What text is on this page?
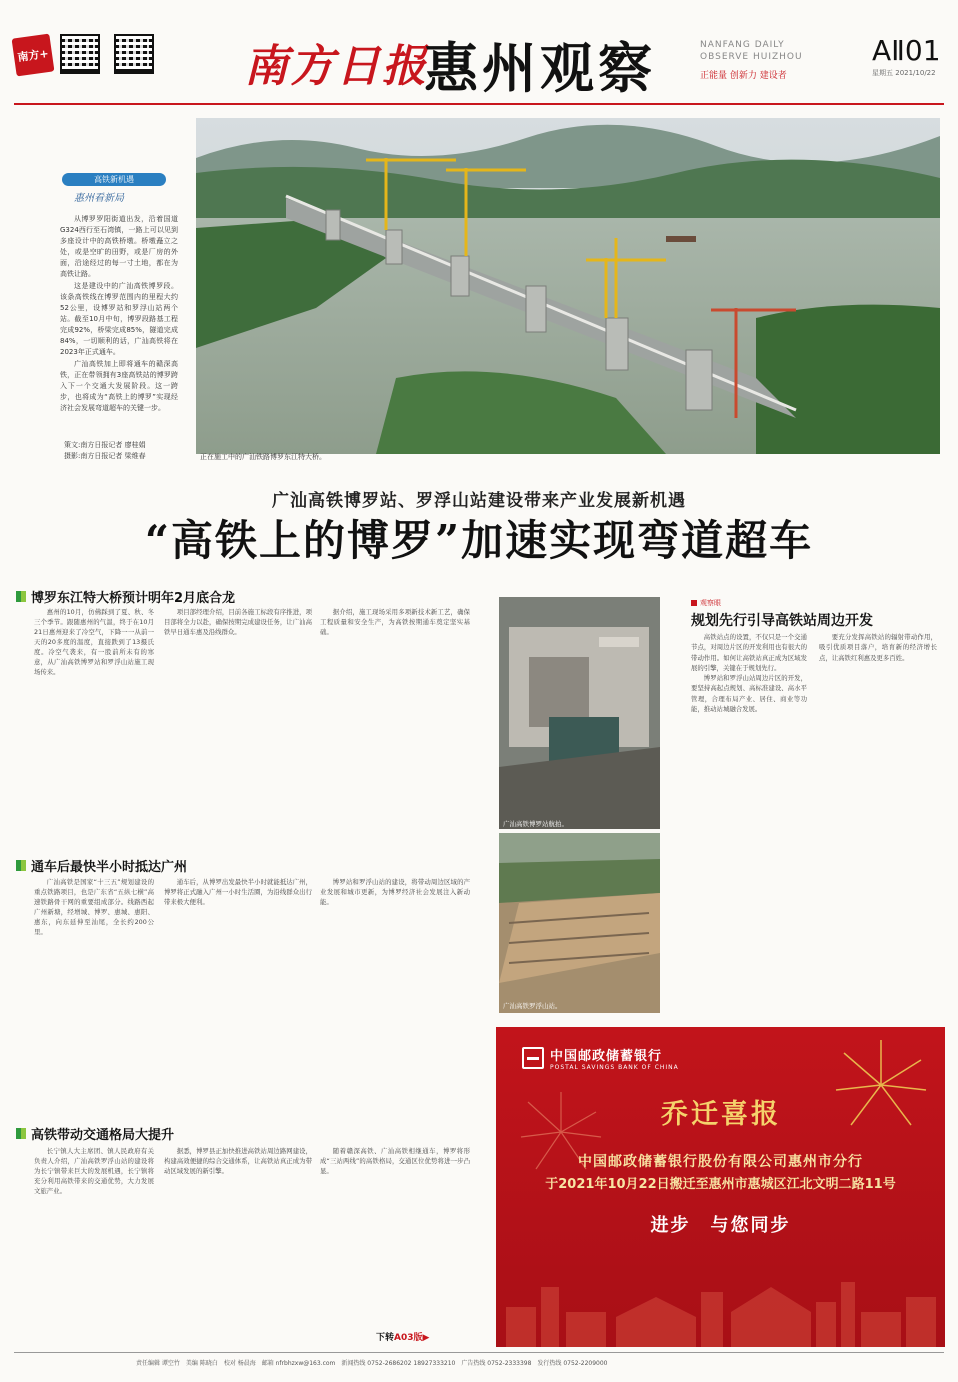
南方+	南方日报
惠州观察	NANFANG DAILY
OBSERVE HUIZHOU
正能量 创新力 建设者
AⅡ01
星期五 2021/10/22
高铁新机遇
惠州看新局

从博罗罗阳街道出发，沿着国道G324西行至石湾镇，一路上可以见到多座设计中的高铁桥墩。桥墩矗立之处，或是空旷的田野，或是厂房的外面，沿途经过的每一寸土地，都在为高铁让路。

这是建设中的广汕高铁博罗段。该条高铁线在博罗范围内的里程大约52公里，设博罗站和罗浮山站两个站。截至10月中旬，博罗段路基工程完成92%，桥梁完成85%，隧道完成84%，一切顺利的话，广汕高铁将在2023年正式通车。

广汕高铁加上即将通车的赣深高铁，正在带领拥有3座高铁站的博罗跨入下一个交通大发展阶段。这一跨步，也将成为“高铁上的博罗”实现经济社会发展弯道超车的关键一步。

策文:南方日报记者 廖桂娟
摄影:南方日报记者 梁维春	正在施工中的广汕铁路博罗东江特大桥。
广汕高铁博罗站、罗浮山站建设带来产业发展新机遇
“高铁上的博罗”加速实现弯道超车
博罗东江特大桥预计明年2月底合龙

惠州的10月，仿佛踩到了夏、秋、冬三个季节。跟随惠州的气温，终于在10月21日惠州迎来了冷空气，下降一一从前一天的20多度的温度，直接跌到了13摄氏度。冷空气袭来，有一股前所未有的寒意，从广汕高铁博罗站和罗浮山站施工现场传来。

项目部经理介绍，目前各施工标段有序推进，项目部将全力以赴，确保按期完成建设任务，让广汕高铁早日通车惠及沿线群众。

据介绍，施工现场采用多项新技术新工艺，确保工程质量和安全生产，为高铁按期通车奠定坚实基础。

通车后最快半小时抵达广州

广汕高铁是国家“十三五”规划建设的重点铁路项目，也是广东省“五纵七横”高速铁路骨干网的重要组成部分。线路西起广州新塘，经增城、博罗、惠城、惠阳、惠东，向东延伸至汕尾，全长约200公里。

通车后，从博罗出发最快半小时就能抵达广州，博罗将正式融入广州一小时生活圈，为沿线群众出行带来极大便利。

博罗站和罗浮山站的建设，将带动周边区域的产业发展和城市更新，为博罗经济社会发展注入新动能。

高铁带动交通格局大提升

长宁镇人大主席团、镇人民政府有关负责人介绍，广汕高铁罗浮山站的建设将为长宁镇带来巨大的发展机遇，长宁镇将充分利用高铁带来的交通优势，大力发展文旅产业。

据悉，博罗县正加快推进高铁站周边路网建设，构建高效便捷的综合交通体系，让高铁站真正成为带动区域发展的新引擎。

随着赣深高铁、广汕高铁相继通车，博罗将形成“三站两线”的高铁格局，交通区位优势将进一步凸显。

广汕高铁博罗站航拍。
广汕高铁罗浮山站。
观察眼
规划先行引导高铁站周边开发

高铁站点的设置，不仅只是一个交通节点，对周边片区的开发利用也有很大的带动作用。如何让高铁站真正成为区域发展的引擎，关键在于规划先行。

博罗站和罗浮山站周边片区的开发，要坚持高起点规划、高标准建设、高水平管理，合理布局产业、居住、商业等功能，推动站城融合发展。

要充分发挥高铁站的辐射带动作用，吸引优质项目落户，培育新的经济增长点，让高铁红利惠及更多百姓。

中国邮政储蓄银行
POSTAL SAVINGS BANK OF CHINA
乔迁喜报
中国邮政储蓄银行股份有限公司惠州市分行
于2021年10月22日搬迁至惠州市惠城区江北文明二路11号
进步　与您同步
下转A03版▶
责任编辑 谭空竹　美编 陈晓白　校对 杨晨海　邮箱 nfrbhzxw@163.com　新闻热线 0752-2686202 18927333210　广告热线 0752-2333398　发行热线 0752-2209000
